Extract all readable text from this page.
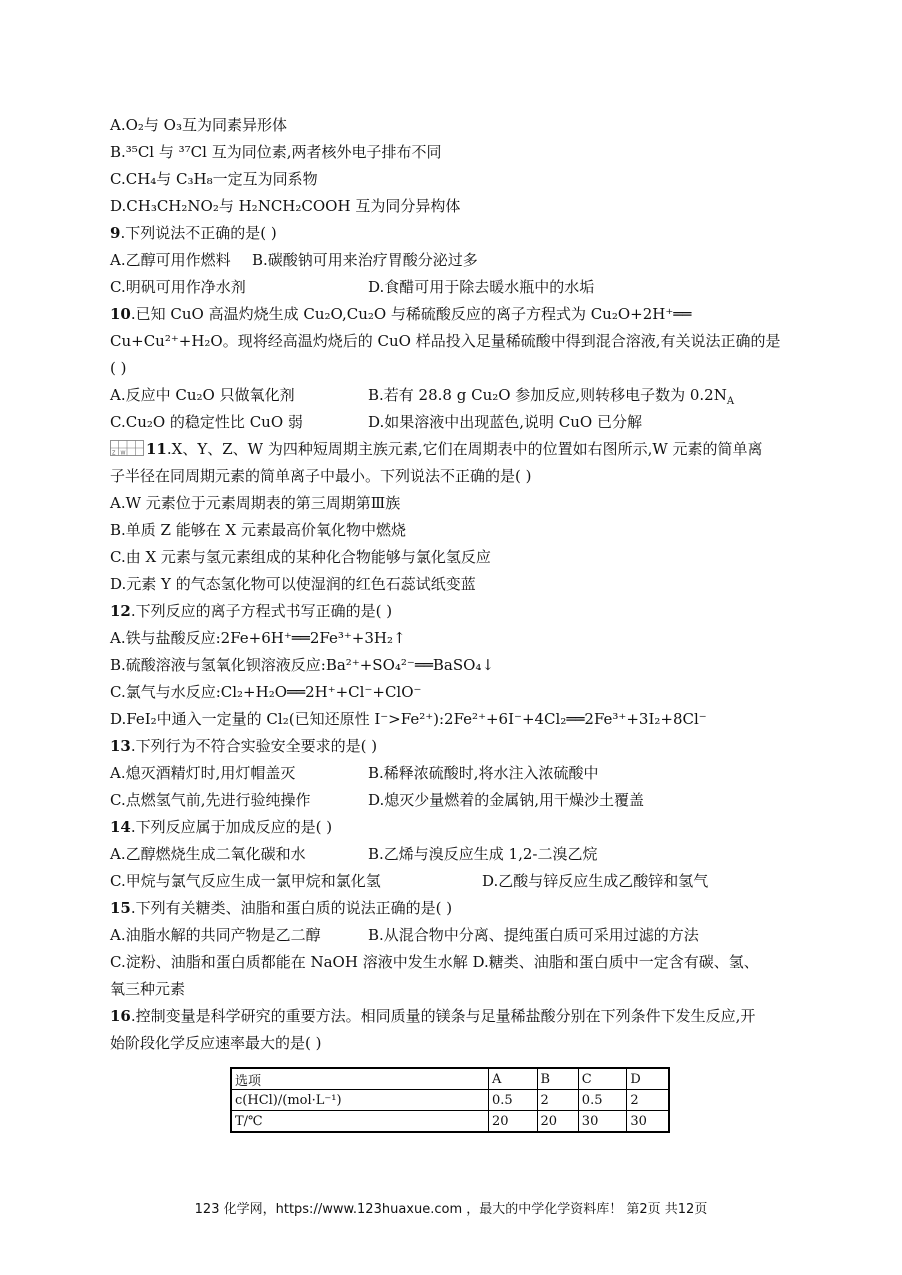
A.O₂与 O₃互为同素异形体
B.³⁵Cl 与 ³⁷Cl 互为同位素,两者核外电子排布不同
C.CH₄与 C₃H₈一定互为同系物
D.CH₃CH₂NO₂与 H₂NCH₂COOH 互为同分异构体
9.下列说法不正确的是( )
A.乙醇可用作燃料	B.碳酸钠可用来治疗胃酸分泌过多
C.明矾可用作净水剂	D.食醋可用于除去暖水瓶中的水垢
10.已知 CuO 高温灼烧生成 Cu₂O,Cu₂O 与稀硫酸反应的离子方程式为 Cu₂O+2H⁺══
Cu+Cu²⁺+H₂O。现将经高温灼烧后的 CuO 样品投入足量稀硫酸中得到混合溶液,有关说法正确的是
( )
A.反应中 Cu₂O 只做氧化剂	B.若有 28.8 g Cu₂O 参加反应,则转移电子数为 $0.2N_A$
C.Cu₂O 的稳定性比 CuO 弱	D.如果溶液中出现蓝色,说明 CuO 已分解
Z W 11.X、Y、Z、W 为四种短周期主族元素,它们在周期表中的位置如右图所示,W 元素的简单离
子半径在同周期元素的简单离子中最小。下列说法不正确的是( )
A.W 元素位于元素周期表的第三周期第Ⅲ族
B.单质 Z 能够在 X 元素最高价氧化物中燃烧
C.由 X 元素与氢元素组成的某种化合物能够与氯化氢反应
D.元素 Y 的气态氢化物可以使湿润的红色石蕊试纸变蓝
12.下列反应的离子方程式书写正确的是( )
A.铁与盐酸反应:2Fe+6H⁺══2Fe³⁺+3H₂↑
B.硫酸溶液与氢氧化钡溶液反应:Ba²⁺+SO₄²⁻══BaSO₄↓
C.氯气与水反应:Cl₂+H₂O══2H⁺+Cl⁻+ClO⁻
D.FeI₂中通入一定量的 Cl₂(已知还原性 I⁻>Fe²⁺):2Fe²⁺+6I⁻+4Cl₂══2Fe³⁺+3I₂+8Cl⁻
13.下列行为不符合实验安全要求的是( )
A.熄灭酒精灯时,用灯帽盖灭	B.稀释浓硫酸时,将水注入浓硫酸中
C.点燃氢气前,先进行验纯操作	D.熄灭少量燃着的金属钠,用干燥沙土覆盖
14.下列反应属于加成反应的是( )
A.乙醇燃烧生成二氧化碳和水	B.乙烯与溴反应生成 1,2-二溴乙烷
C.甲烷与氯气反应生成一氯甲烷和氯化氢	D.乙酸与锌反应生成乙酸锌和氢气
15.下列有关糖类、油脂和蛋白质的说法正确的是( )
A.油脂水解的共同产物是乙二醇	B.从混合物中分离、提纯蛋白质可采用过滤的方法
C.淀粉、油脂和蛋白质都能在 NaOH 溶液中发生水解 D.糖类、油脂和蛋白质中一定含有碳、氢、
氧三种元素
16.控制变量是科学研究的重要方法。相同质量的镁条与足量稀盐酸分别在下列条件下发生反应,开
始阶段化学反应速率最大的是( )
选项	A	B	C	D
c(HCl)/(mol·L⁻¹)	0.5	2	0.5	2
T/℃	20	20	30	30
123 化学网，https://www.123huaxue.com ，最大的中学化学资料库！ 第2页 共12页
